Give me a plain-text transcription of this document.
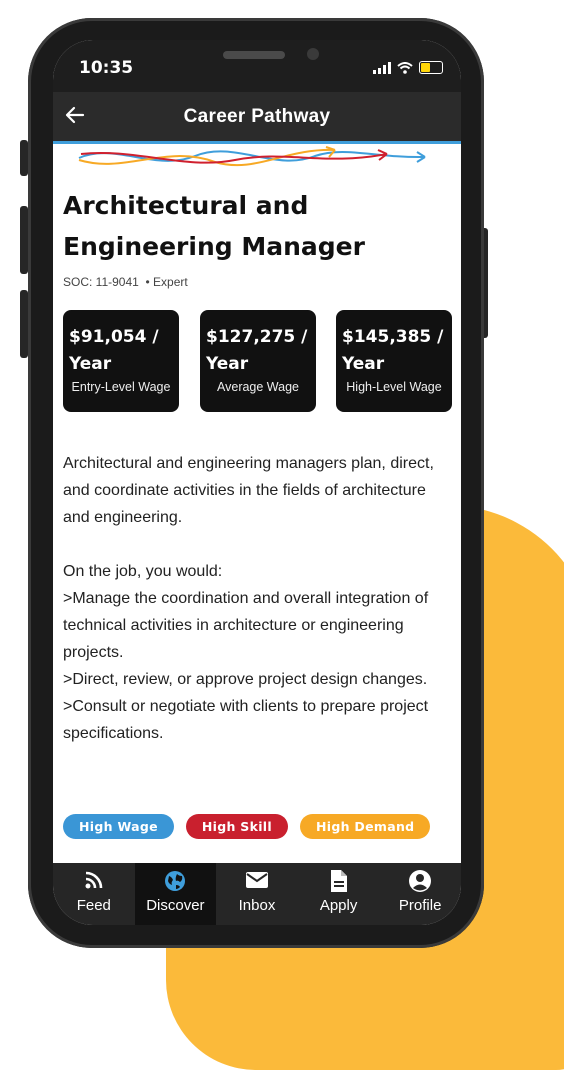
10:35
Career Pathway
Architectural and
Engineering Manager
SOC: 11-9041  • Expert
$91,054 /
Year
Entry-Level Wage
$127,275 /
Year
Average Wage
$145,385 /
Year
High-Level Wage

Architectural and engineering managers plan, direct, and coordinate activities in the fields of architecture and engineering.

On the job, you would:
>Manage the coordination and overall integration of technical activities in architecture or engineering projects.
>Direct, review, or approve project design changes.
>Consult or negotiate with clients to prepare project specifications.
High Wage	High Skill	High Demand
Feed	Discover	Inbox	Apply	Profile
